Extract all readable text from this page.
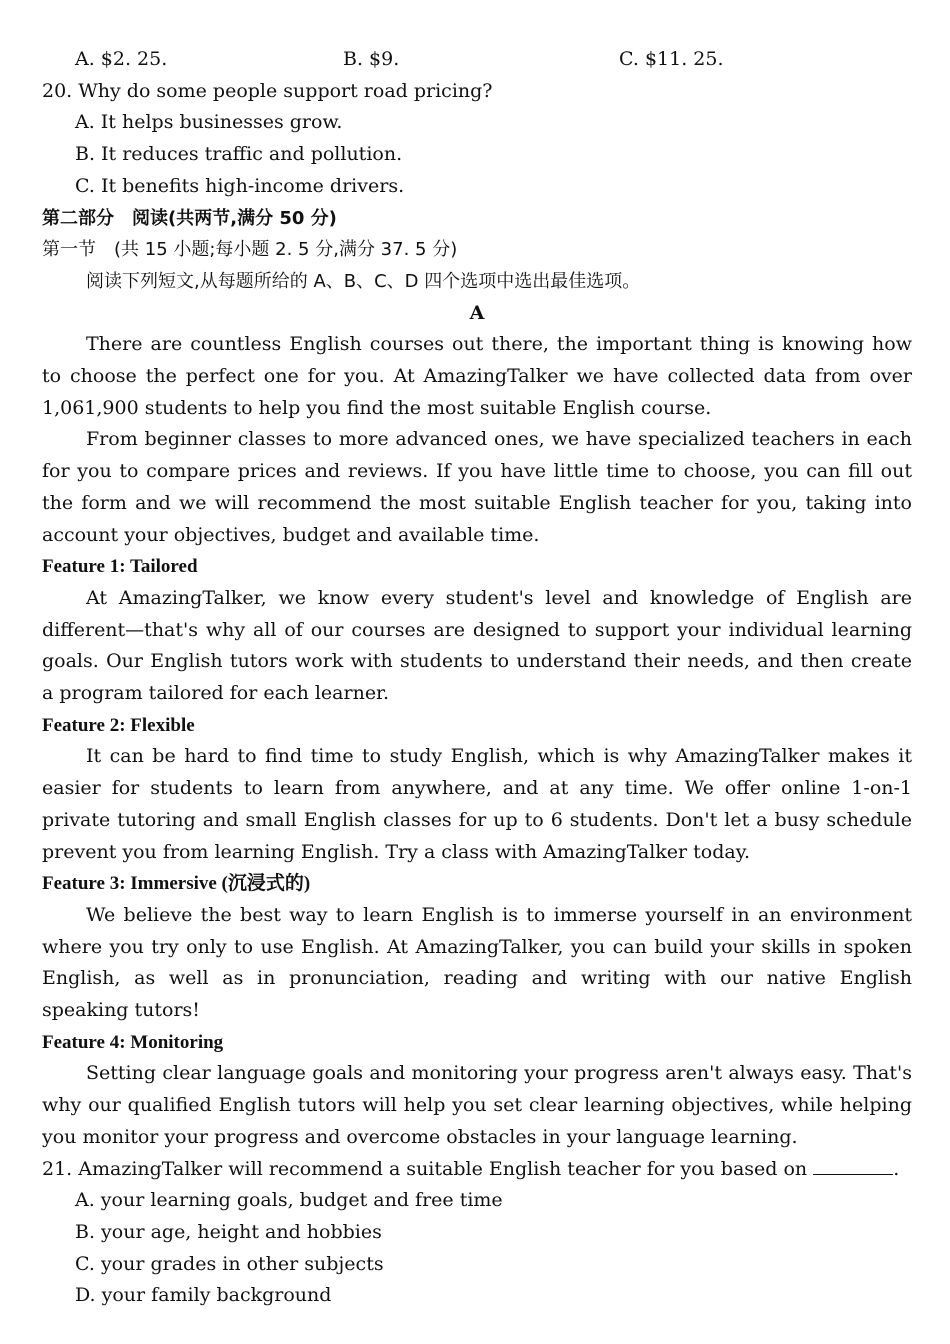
A. $2. 25.	B. $9.	C. $11. 25.
20. Why do some people support road pricing?
A. It helps businesses grow.
B. It reduces traffic and pollution.
C. It benefits high-income drivers.
第二部分　阅读(共两节,满分 50 分)
第一节　(共 15 小题;每小题 2. 5 分,满分 37. 5 分)
阅读下列短文,从每题所给的 A、B、C、D 四个选项中选出最佳选项。
A

There are countless English courses out there, the important thing is knowing how to choose the perfect one for you. At AmazingTalker we have collected data from over 1,061,900 students to help you find the most suitable English course.

From beginner classes to more advanced ones, we have specialized teachers in each for you to compare prices and reviews. If you have little time to choose, you can fill out the form and we will recommend the most suitable English teacher for you, taking into account your objectives, budget and available time.

Feature 1: Tailored

At AmazingTalker, we know every student's level and knowledge of English are different—that's why all of our courses are designed to support your individual learning goals. Our English tutors work with students to understand their needs, and then create a program tailored for each learner.

Feature 2: Flexible

It can be hard to find time to study English, which is why AmazingTalker makes it easier for students to learn from anywhere, and at any time. We offer online 1-on-1 private tutoring and small English classes for up to 6 students. Don't let a busy schedule prevent you from learning English. Try a class with AmazingTalker today.

Feature 3: Immersive (沉浸式的)

We believe the best way to learn English is to immerse yourself in an environment where you try only to use English. At AmazingTalker, you can build your skills in spoken English, as well as in pronunciation, reading and writing with our native English speaking tutors!

Feature 4: Monitoring

Setting clear language goals and monitoring your progress aren't always easy. That's why our qualified English tutors will help you set clear learning objectives, while helping you monitor your progress and overcome obstacles in your language learning.

21. AmazingTalker will recommend a suitable English teacher for you based on	.
A. your learning goals, budget and free time
B. your age, height and hobbies
C. your grades in other subjects
D. your family background
